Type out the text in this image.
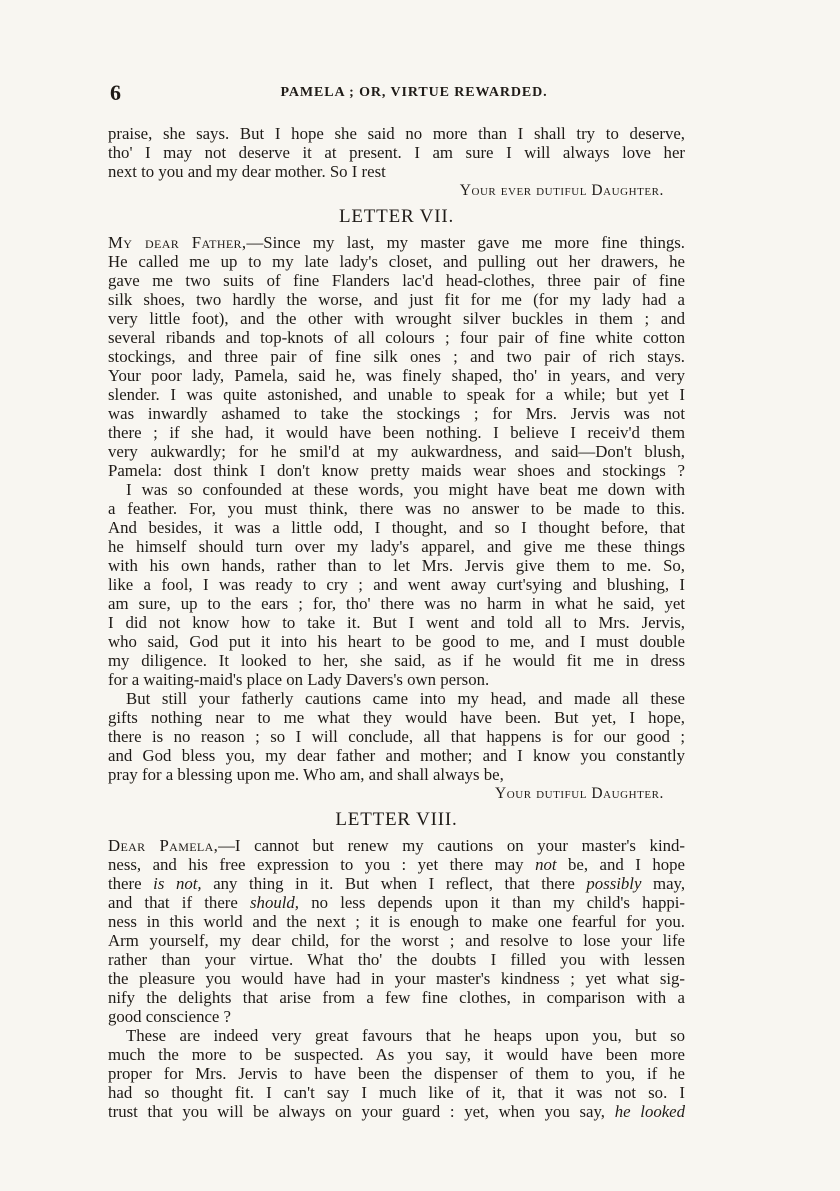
6	PAMELA ; OR, VIRTUE REWARDED.
praise, she says. But I hope she said no more than I shall try to deserve,
tho' I may not deserve it at present. I am sure I will always love her
next to you and my dear mother. So I rest
Your ever dutiful Daughter.
LETTER VII.
My dear Father,—Since my last, my master gave me more fine things.
He called me up to my late lady's closet, and pulling out her drawers, he
gave me two suits of fine Flanders lac'd head-clothes, three pair of fine
silk shoes, two hardly the worse, and just fit for me (for my lady had a
very little foot), and the other with wrought silver buckles in them ; and
several ribands and top-knots of all colours ; four pair of fine white cotton
stockings, and three pair of fine silk ones ; and two pair of rich stays.
Your poor lady, Pamela, said he, was finely shaped, tho' in years, and very
slender. I was quite astonished, and unable to speak for a while; but yet I
was inwardly ashamed to take the stockings ; for Mrs. Jervis was not
there ; if she had, it would have been nothing. I believe I receiv'd them
very aukwardly; for he smil'd at my aukwardness, and said—Don't blush,
Pamela: dost think I don't know pretty maids wear shoes and stockings ?
I was so confounded at these words, you might have beat me down with
a feather. For, you must think, there was no answer to be made to this.
And besides, it was a little odd, I thought, and so I thought before, that
he himself should turn over my lady's apparel, and give me these things
with his own hands, rather than to let Mrs. Jervis give them to me. So,
like a fool, I was ready to cry ; and went away curt'sying and blushing, I
am sure, up to the ears ; for, tho' there was no harm in what he said, yet
I did not know how to take it. But I went and told all to Mrs. Jervis,
who said, God put it into his heart to be good to me, and I must double
my diligence. It looked to her, she said, as if he would fit me in dress
for a waiting-maid's place on Lady Davers's own person.
But still your fatherly cautions came into my head, and made all these
gifts nothing near to me what they would have been. But yet, I hope,
there is no reason ; so I will conclude, all that happens is for our good ;
and God bless you, my dear father and mother; and I know you constantly
pray for a blessing upon me. Who am, and shall always be,
Your dutiful Daughter.
LETTER VIII.
Dear Pamela,—I cannot but renew my cautions on your master's kind-
ness, and his free expression to you : yet there may not be, and I hope
there is not, any thing in it. But when I reflect, that there possibly may,
and that if there should, no less depends upon it than my child's happi-
ness in this world and the next ; it is enough to make one fearful for you.
Arm yourself, my dear child, for the worst ; and resolve to lose your life
rather than your virtue. What tho' the doubts I filled you with lessen
the pleasure you would have had in your master's kindness ; yet what sig-
nify the delights that arise from a few fine clothes, in comparison with a
good conscience ?
These are indeed very great favours that he heaps upon you, but so
much the more to be suspected. As you say, it would have been more
proper for Mrs. Jervis to have been the dispenser of them to you, if he
had so thought fit. I can't say I much like of it, that it was not so. I
trust that you will be always on your guard : yet, when you say, he looked
